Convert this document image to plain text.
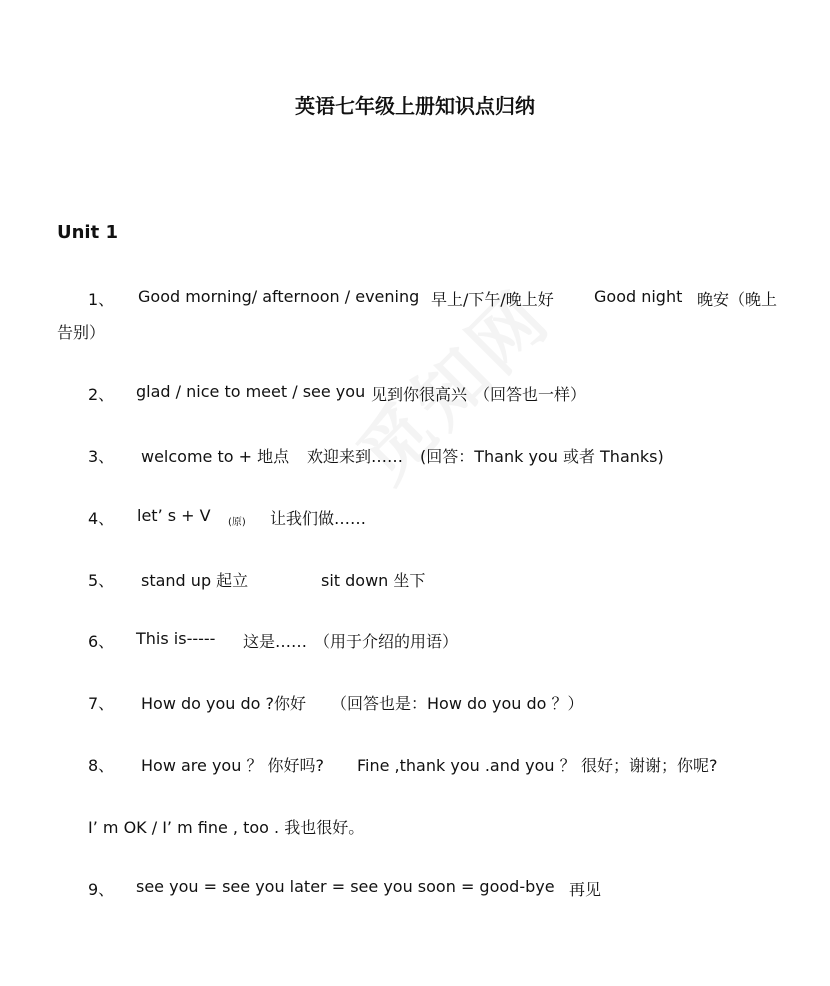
英语七年级上册知识点归纳
Unit 1
1、 Good morning/ afternoon / evening 早上/下午/晚上好	Good night 晚安（晚上
告别）
2、 glad / nice to meet / see you 见到你很高兴 （回答也一样）
3、 welcome to + 地点 欢迎来到…… (回答：Thank you 或者 Thanks)
4、 let’ s + V (原) 让我们做……
5、 stand up 起立	sit down 坐下
6、 This is----- 这是…… （用于介绍的用语）
7、 How do you do ?你好 （回答也是：How do you do ？）
8、 How are you ？ 你好吗? Fine ,thank you .and you ？ 很好；谢谢；你呢?
I’ m OK / I’ m fine , too . 我也很好。
9、 see you = see you later = see you soon = good-bye 再见
